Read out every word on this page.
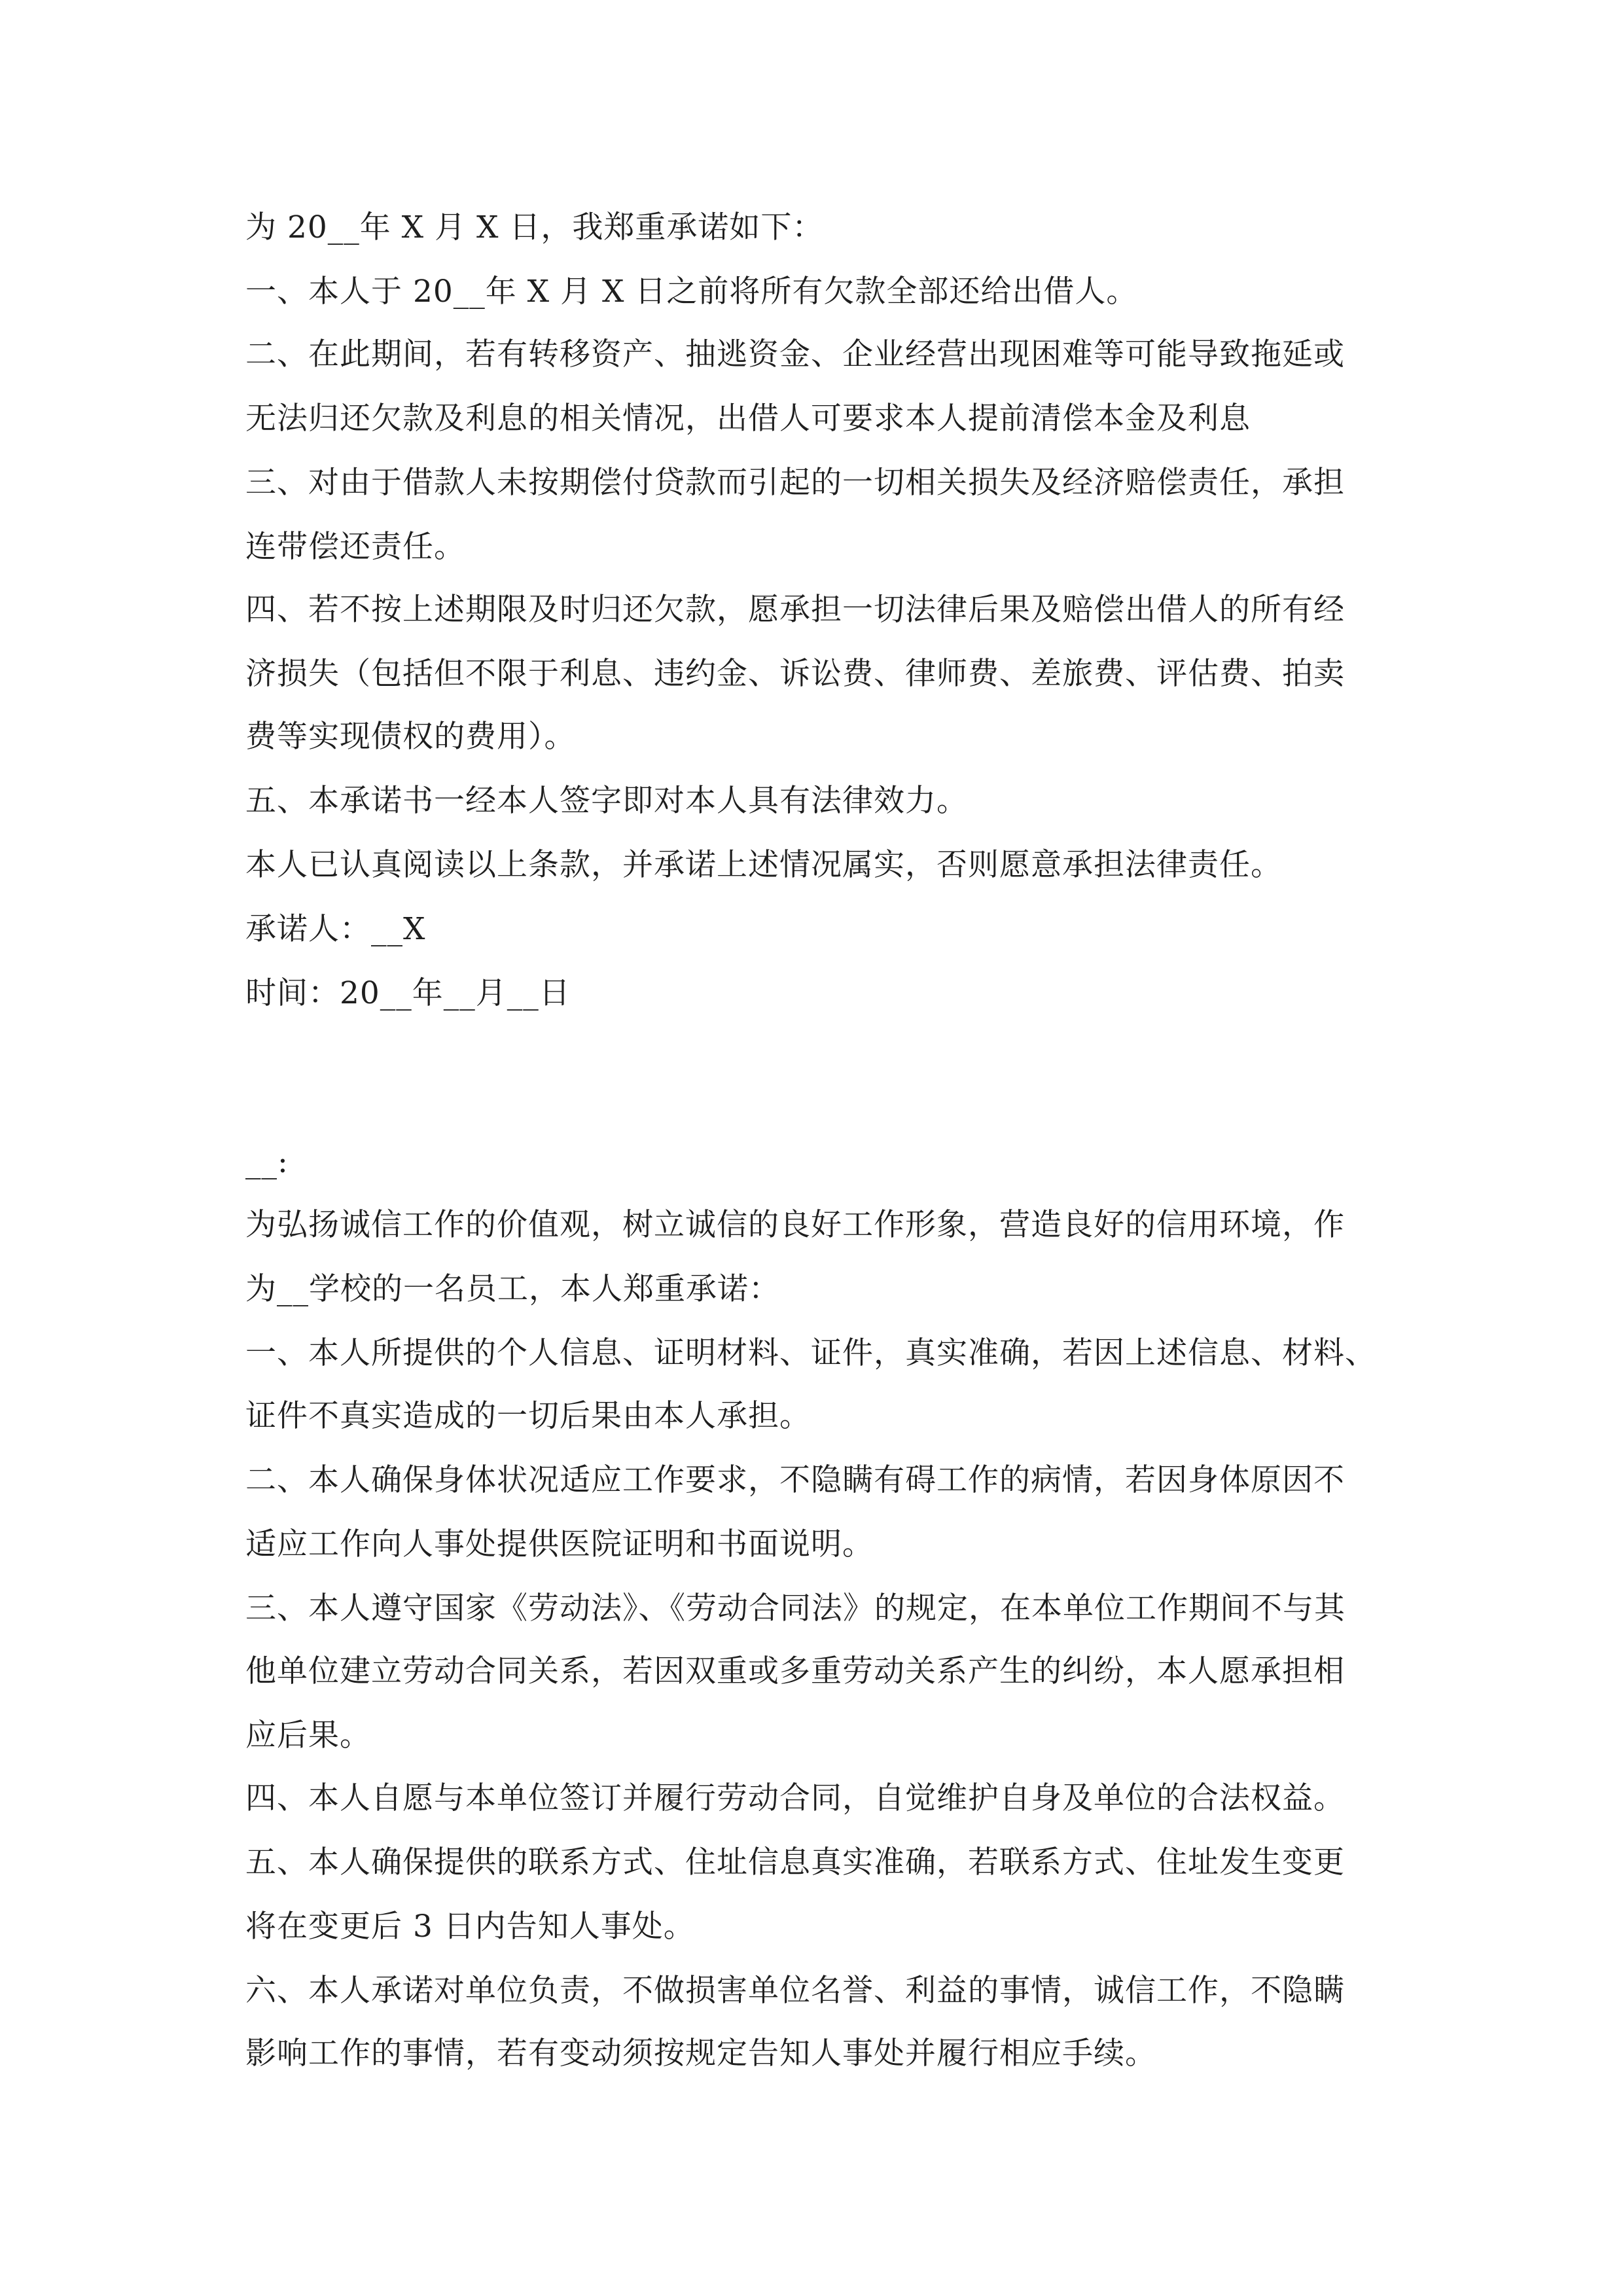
为 20__年 X 月 X 日，我郑重承诺如下：
一、本人于 20__年 X 月 X 日之前将所有欠款全部还给出借人。
二、在此期间，若有转移资产、抽逃资金、企业经营出现困难等可能导致拖延或
无法归还欠款及利息的相关情况，出借人可要求本人提前清偿本金及利息
三、对由于借款人未按期偿付贷款而引起的一切相关损失及经济赔偿责任，承担
连带偿还责任。
四、若不按上述期限及时归还欠款，愿承担一切法律后果及赔偿出借人的所有经
济损失（包括但不限于利息、违约金、诉讼费、律师费、差旅费、评估费、拍卖
费等实现债权的费用）。
五、本承诺书一经本人签字即对本人具有法律效力。
本人已认真阅读以上条款，并承诺上述情况属实，否则愿意承担法律责任。
承诺人：__X
时间：20__年__月__日
__:
为弘扬诚信工作的价值观，树立诚信的良好工作形象，营造良好的信用环境，作
为__学校的一名员工，本人郑重承诺：
一、本人所提供的个人信息、证明材料、证件，真实准确，若因上述信息、材料、
证件不真实造成的一切后果由本人承担。
二、本人确保身体状况适应工作要求，不隐瞒有碍工作的病情，若因身体原因不
适应工作向人事处提供医院证明和书面说明。
三、本人遵守国家《劳动法》、《劳动合同法》的规定，在本单位工作期间不与其
他单位建立劳动合同关系，若因双重或多重劳动关系产生的纠纷，本人愿承担相
应后果。
四、本人自愿与本单位签订并履行劳动合同，自觉维护自身及单位的合法权益。
五、本人确保提供的联系方式、住址信息真实准确，若联系方式、住址发生变更
将在变更后 3 日内告知人事处。
六、本人承诺对单位负责，不做损害单位名誉、利益的事情，诚信工作，不隐瞒
影响工作的事情，若有变动须按规定告知人事处并履行相应手续。
